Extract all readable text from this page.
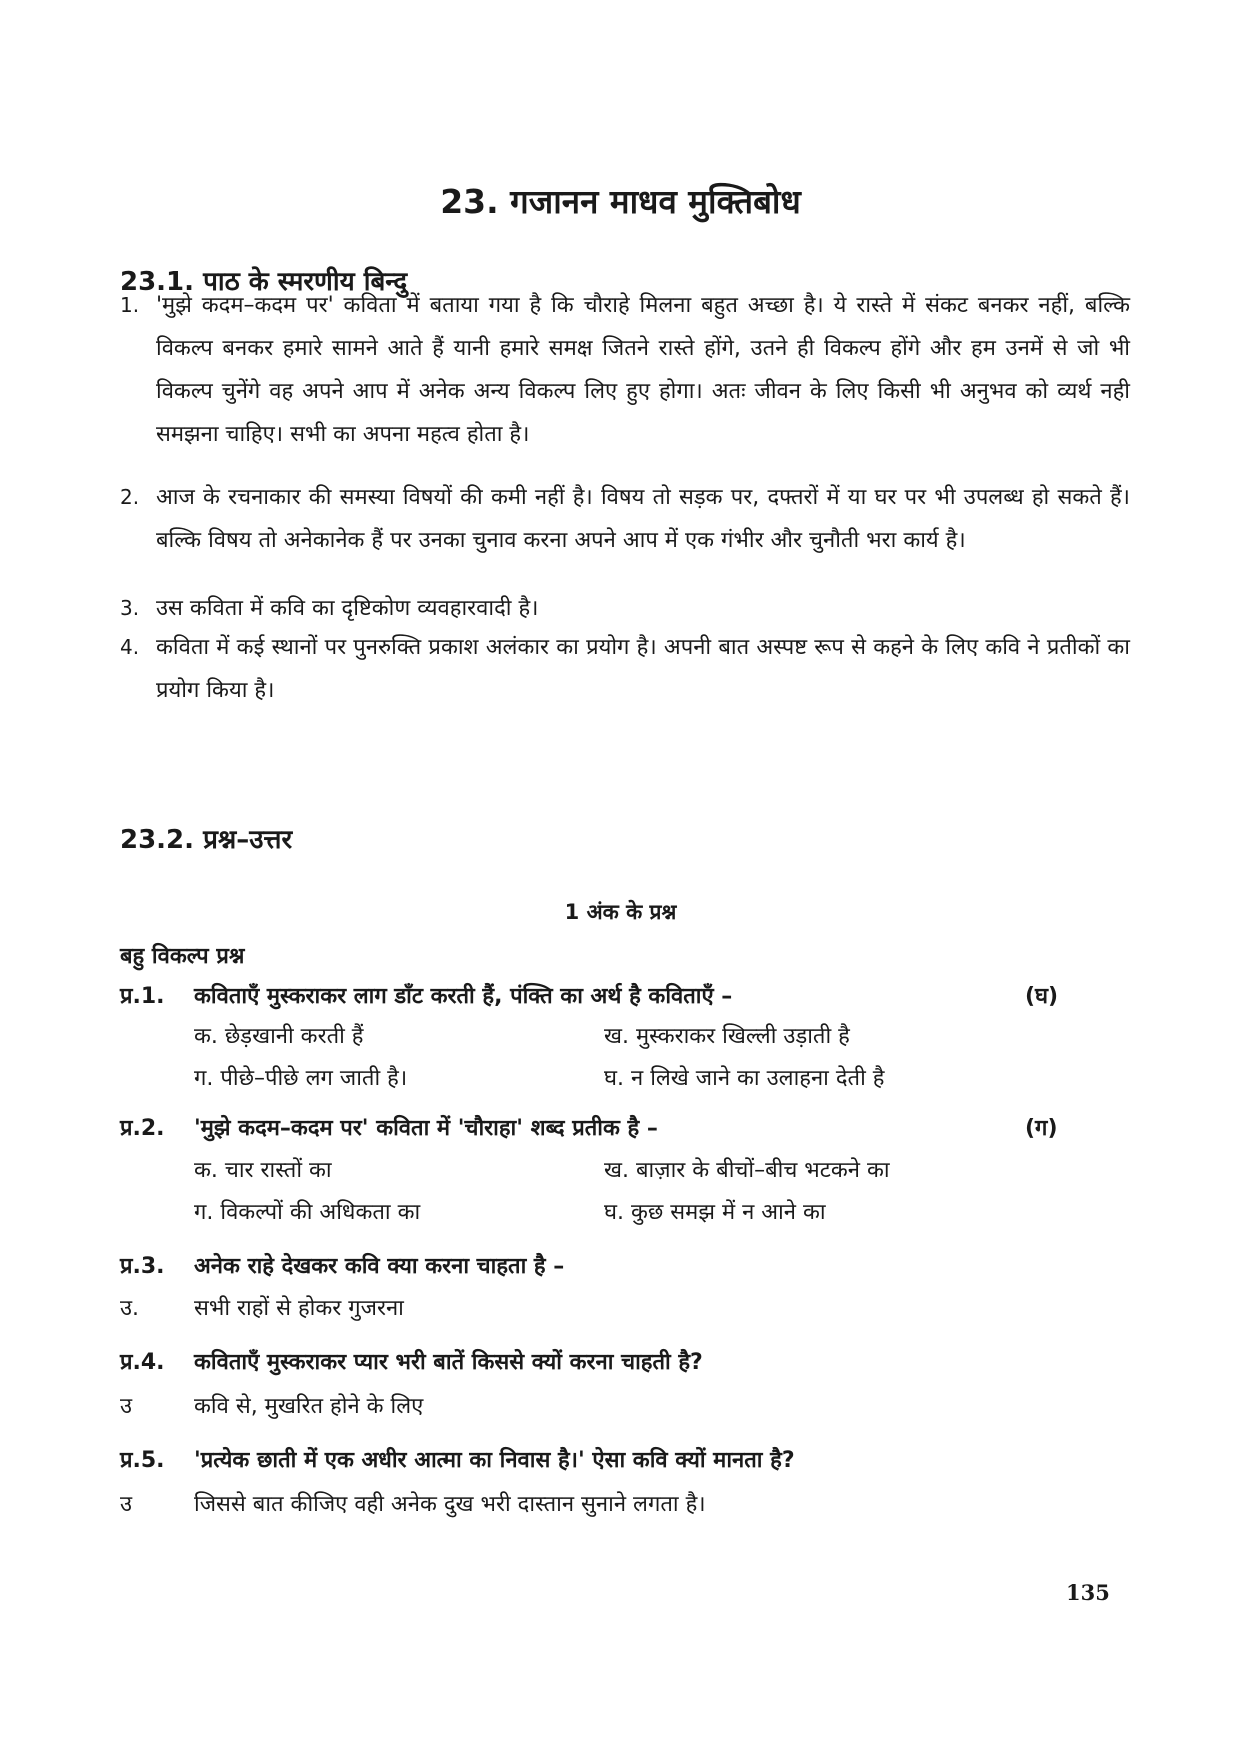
23. गजानन माधव मुक्तिबोध
23.1. पाठ के स्मरणीय बिन्दु
1. 'मुझे कदम–कदम पर' कविता में बताया गया है कि चौराहे मिलना बहुत अच्छा है। ये रास्ते में संकट बनकर नहीं, बल्कि विकल्प बनकर हमारे सामने आते हैं यानी हमारे समक्ष जितने रास्ते होंगे, उतने ही विकल्प होंगे और हम उनमें से जो भी विकल्प चुनेंगे वह अपने आप में अनेक अन्य विकल्प लिए हुए होगा। अतः जीवन के लिए किसी भी अनुभव को व्यर्थ नही समझना चाहिए। सभी का अपना महत्व होता है।
2. आज के रचनाकार की समस्या विषयों की कमी नहीं है। विषय तो सड़क पर, दफ्तरों में या घर पर भी उपलब्ध हो सकते हैं। बल्कि विषय तो अनेकानेक हैं पर उनका चुनाव करना अपने आप में एक गंभीर और चुनौती भरा कार्य है।
3. उस कविता में कवि का दृष्टिकोण व्यवहारवादी है।
4. कविता में कई स्थानों पर पुनरुक्ति प्रकाश अलंकार का प्रयोग है। अपनी बात अस्पष्ट रूप से कहने के लिए कवि ने प्रतीकों का प्रयोग किया है।
23.2. प्रश्न–उत्तर
1 अंक के प्रश्न
बहु विकल्प प्रश्न
प्र.1. कविताएँ मुस्कराकर लाग डाँट करती हैं, पंक्ति का अर्थ है कविताएँ –	(घ)
क. छेड़खानी करती हैं	ख. मुस्कराकर खिल्ली उड़ाती है
ग. पीछे–पीछे लग जाती है।	घ. न लिखे जाने का उलाहना देती है
प्र.2. 'मुझे कदम–कदम पर' कविता में 'चौराहा' शब्द प्रतीक है –	(ग)
क. चार रास्तों का	ख. बाज़ार के बीचों–बीच भटकने का
ग. विकल्पों की अधिकता का	घ. कुछ समझ में न आने का
प्र.3. अनेक राहे देखकर कवि क्या करना चाहता है –
उ. सभी राहों से होकर गुजरना
प्र.4. कविताएँ मुस्कराकर प्यार भरी बातें किससे क्यों करना चाहती है?
उ	कवि से, मुखरित होने के लिए
प्र.5. 'प्रत्येक छाती में एक अधीर आत्मा का निवास है।' ऐसा कवि क्यों मानता है?
उ	जिससे बात कीजिए वही अनेक दुख भरी दास्तान सुनाने लगता है।
135
